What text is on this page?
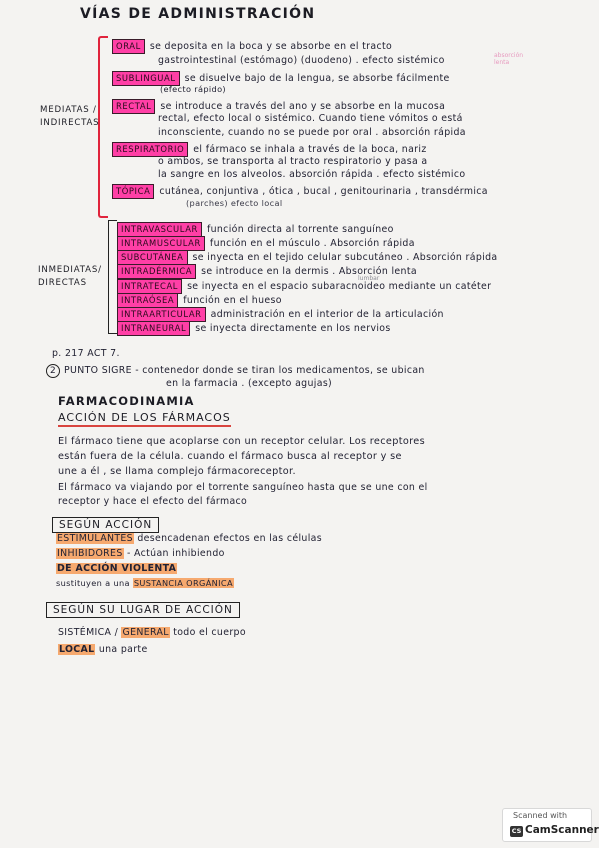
VÍAS DE ADMINISTRACIÓN
MEDIATAS /
INDIRECTAS
ORAL se deposita en la boca y se absorbe en el tracto
gastrointestinal (estómago) (duodeno) . efecto sistémico	absorción lenta
SUBLINGUAL se disuelve bajo de la lengua, se absorbe fácilmente
(efecto rápido)
RECTAL se introduce a través del ano y se absorbe en la mucosa
rectal, efecto local o sistémico. Cuando tiene vómitos o está
inconsciente, cuando no se puede por oral . absorción rápida
RESPIRATORIO el fármaco se inhala a través de la boca, nariz
o ambos, se transporta al tracto respiratorio y pasa a
la sangre en los alveolos. absorción rápida . efecto sistémico
TÓPICA cutánea, conjuntiva , ótica , bucal , genitourinaria , transdérmica
(parches) efecto local
INMEDIATAS/
DIRECTAS
INTRAVASCULAR función directa al torrente sanguíneo
INTRAMUSCULAR función en el músculo . Absorción rápida
SUBCUTÁNEA se inyecta en el tejido celular subcutáneo . Absorción rápida
INTRADÉRMICA se introduce en la dermis . Absorción lenta
lumbar
INTRATECAL se inyecta en el espacio subaracnoideo mediante un catéter
INTRAÓSEA función en el hueso
INTRAARTICULAR administración en el interior de la articulación
INTRANEURAL se inyecta directamente en los nervios
p. 217 ACT 7.
2 PUNTO SIGRE - contenedor donde se tiran los medicamentos, se ubican
en la farmacia . (excepto agujas)
FARMACODINAMIA
ACCIÓN DE LOS FÁRMACOS
El fármaco tiene que acoplarse con un receptor celular. Los receptores
están fuera de la célula. cuando el fármaco busca al receptor y se
une a él , se llama complejo fármacoreceptor.
El fármaco va viajando por el torrente sanguíneo hasta que se une con el
receptor y hace el efecto del fármaco
SEGÚN ACCIÓN
ESTIMULANTES desencadenan efectos en las células
INHIBIDORES - Actúan inhibiendo
DE ACCIÓN VIOLENTA
sustituyen a una SUSTANCIA ORGÁNICA
SEGÚN SU LUGAR DE ACCIÓN
SISTÉMICA / GENERAL todo el cuerpo
LOCAL una parte
Scanned with
CS CamScanner
